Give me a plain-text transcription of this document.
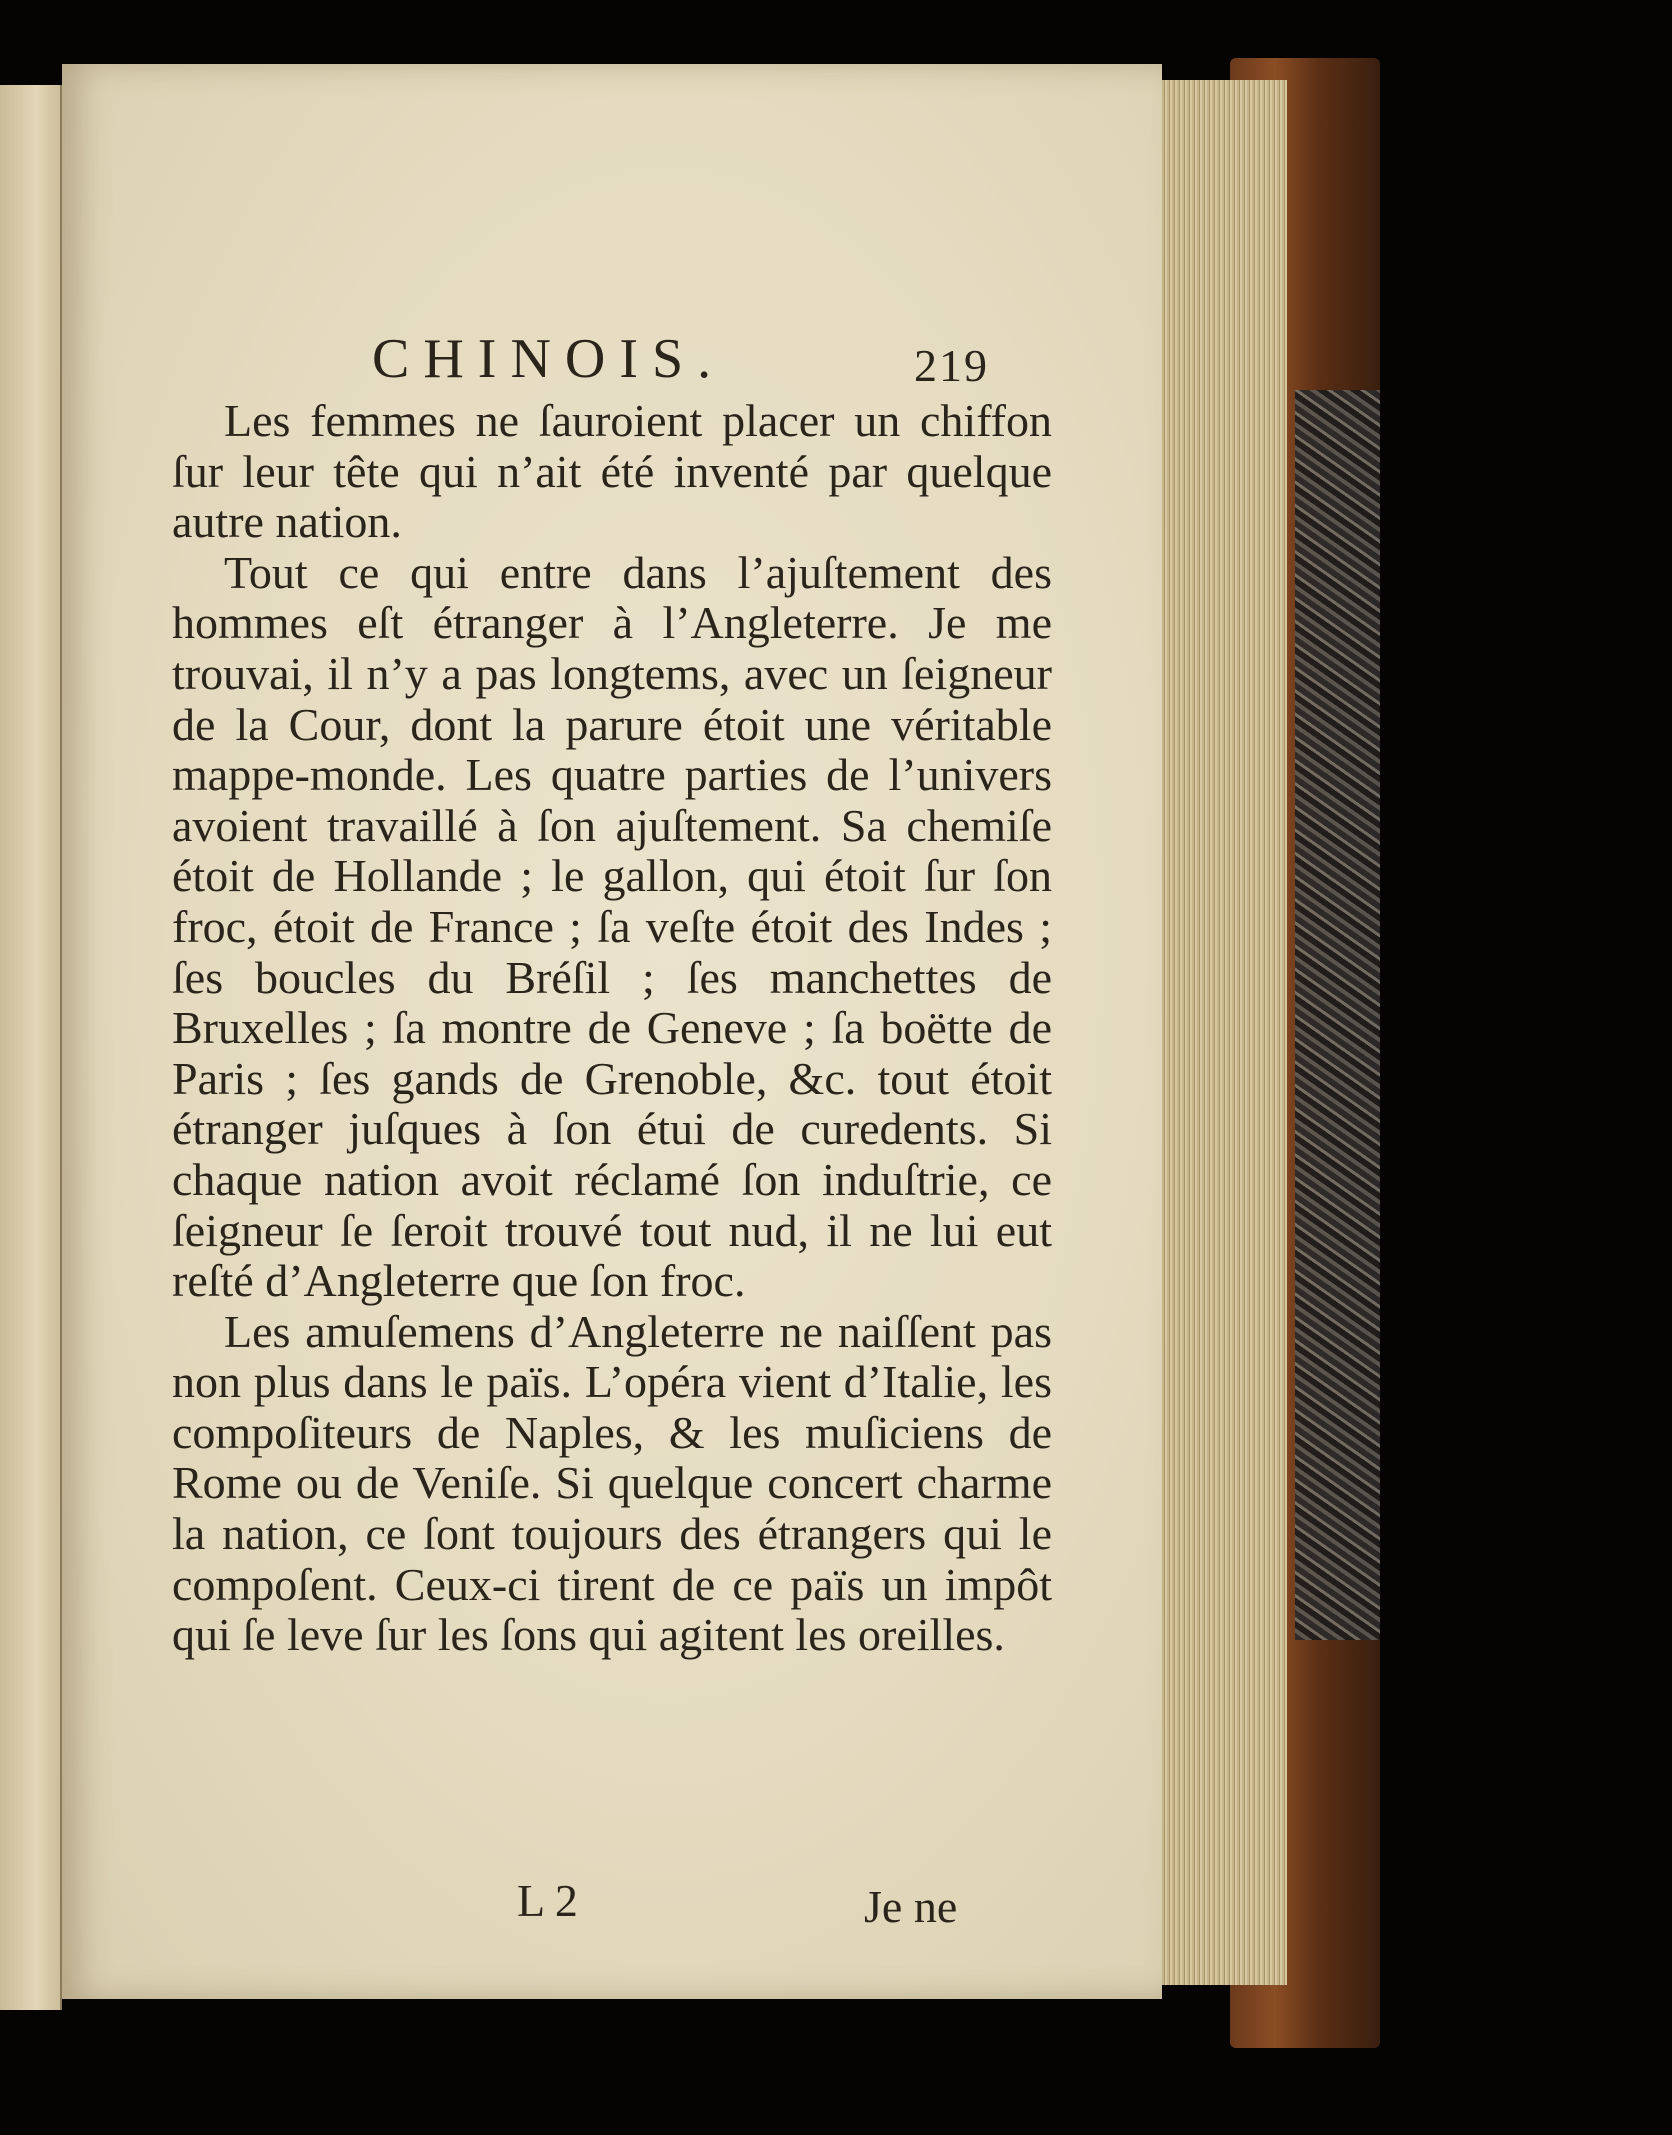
CHINOIS.	219

Les femmes ne ſauroient placer un chiffon ſur leur tête qui n’ait été inventé par quelque autre nation.

Tout ce qui entre dans l’ajuſtement des hommes eſt étranger à l’Angleterre. Je me trouvai, il n’y a pas longtems, avec un ſeigneur de la Cour, dont la parure étoit une véritable mappe-monde. Les quatre parties de l’univers avoient travaillé à ſon ajuſtement. Sa chemiſe étoit de Hollande ; le gallon, qui étoit ſur ſon froc, étoit de France ; ſa veſte étoit des Indes ; ſes boucles du Bréſil ; ſes manchettes de Bruxelles ; ſa montre de Geneve ; ſa boëtte de Paris ; ſes gands de Grenoble, &c. tout étoit étranger juſques à ſon étui de curedents. Si chaque nation avoit réclamé ſon induſtrie, ce ſeigneur ſe ſeroit trouvé tout nud, il ne lui eut reſté d’Angleterre que ſon froc.

Les amuſemens d’Angleterre ne naiſſent pas non plus dans le païs. L’opéra vient d’Italie, les compoſiteurs de Naples, & les muſiciens de Rome ou de Veniſe. Si quelque concert charme la nation, ce ſont toujours des étrangers qui le compoſent. Ceux-ci tirent de ce païs un impôt qui ſe leve ſur les ſons qui agitent les oreilles.

L 2	Je ne
